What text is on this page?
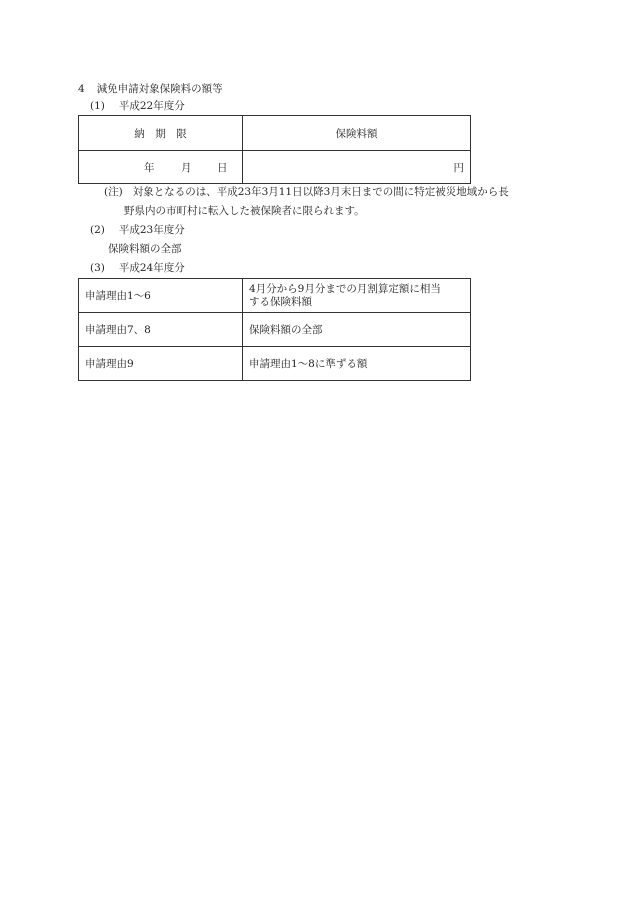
4 減免申請対象保険料の額等
(1) 平成22年度分
納　期　限	保険料額

年 月 日	円
(注) 対象となるのは、平成23年3月11日以降3月末日までの間に特定被災地域から長
野県内の市町村に転入した被保険者に限られます。
(2) 平成23年度分
保険料額の全部
(3) 平成24年度分
申請理由1～6	4月分から9月分までの月割算定額に相当
する保険料額

申請理由7、8	保険料額の全部
申請理由9	申請理由1～8に準ずる額
